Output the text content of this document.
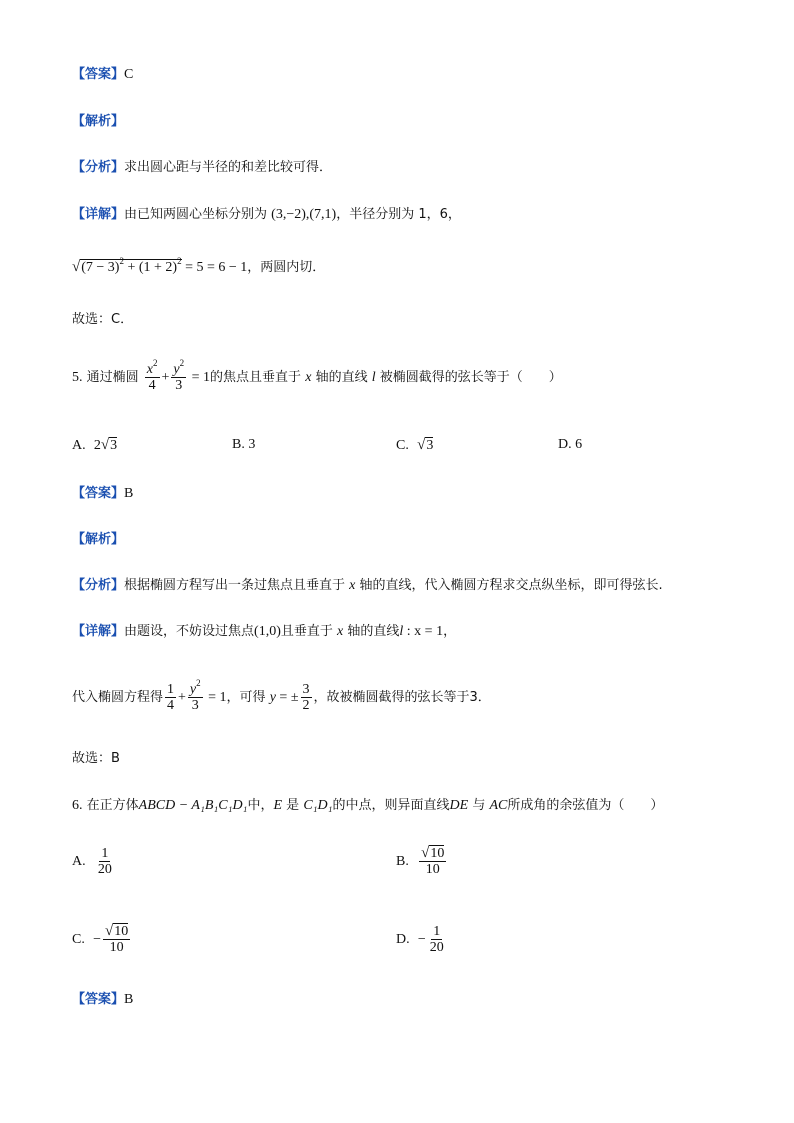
【答案】C
【解析】
【分析】求出圆心距与半径的和差比较可得．
【详解】由已知两圆心坐标分别为 (3,−2),(7,1)，半径分别为 1，6，
$√(7 - 3)^2 + (1 + 2)^2 = 5 = 6 - 1$，两圆内切．
故选：C．
5. 通过椭圆 $\frac{x^2}{4} + \frac{y^2}{3} = 1$的焦点且垂直于 x 轴的直线 l 被椭圆截得的弦长等于（　　）
A. 2√3	B. 3	C. √3	D. 6
【答案】B
【解析】
【分析】根据椭圆方程写出一条过焦点且垂直于 x 轴的直线，代入椭圆方程求交点纵坐标，即可得弦长.
【详解】由题设，不妨设过焦点(1,0)且垂直于 x 轴的直线l : x = 1，
代入椭圆方程得 $\frac{1}{4} + \frac{y^2}{3} = 1$，可得 y = ± $\frac{3}{2}$ ，故被椭圆截得的弦长等于3．
故选：B
6. 在正方体ABCD − A₁B₁C₁D₁中，E 是 C₁D₁的中点，则异面直线DE 与 AC所成角的余弦值为（　　）
A. $\frac{1}{20}$	B. $\frac{√10}{10}$
C. − $\frac{√10}{10}$	D. − $\frac{1}{20}$
【答案】B
